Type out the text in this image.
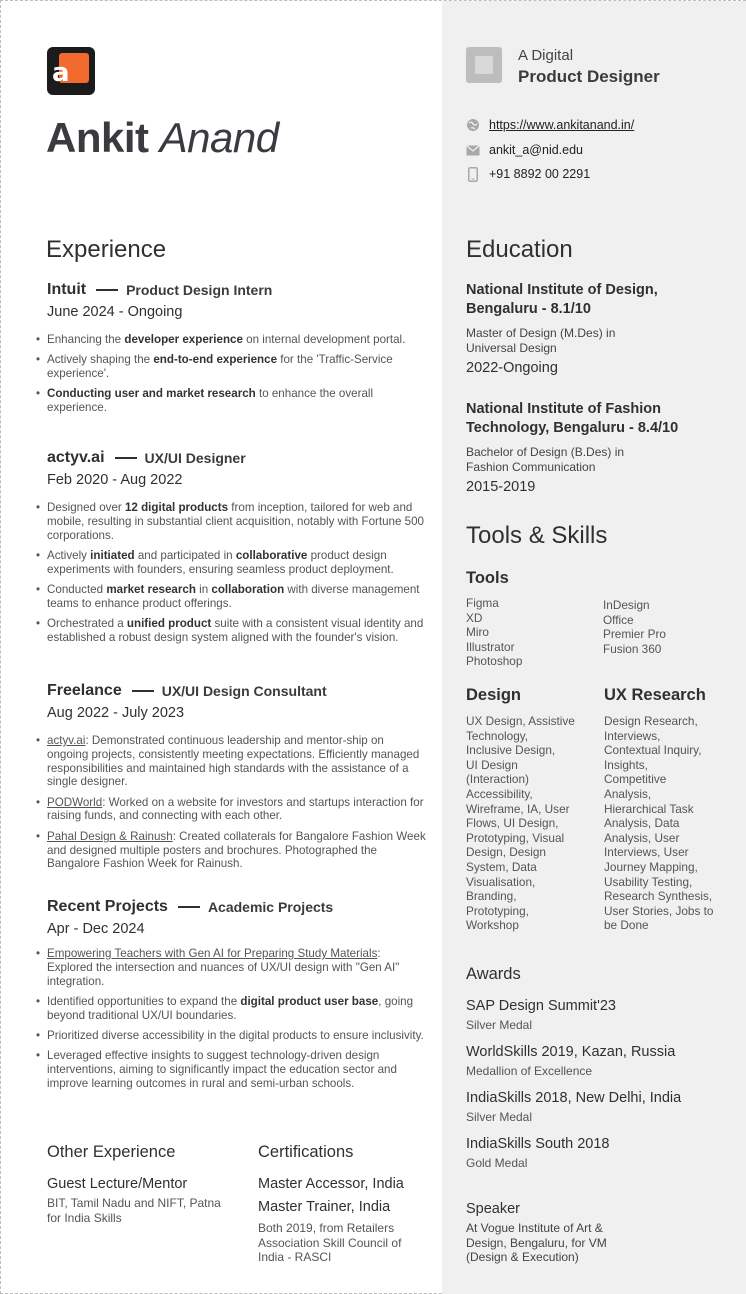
a
Ankit Anand
A Digital
Product Designer
https://www.ankitanand.in/
ankit_a@nid.edu
+91 8892 00 2291
Experience
Intuit	Product Design Intern
June 2024 - Ongoing
• Enhancing the developer experience on internal development portal.
• Actively shaping the end-to-end experience for the 'Traffic-Service experience'.
• Conducting user and market research to enhance the overall experience.
actyv.ai	UX/UI Designer
Feb 2020 - Aug 2022
• Designed over 12 digital products from inception, tailored for web and mobile, resulting in substantial client acquisition, notably with Fortune 500 corporations.
• Actively initiated and participated in collaborative product design experiments with founders, ensuring seamless product deployment.
• Conducted market research in collaboration with diverse management teams to enhance product offerings.
• Orchestrated a unified product suite with a consistent visual identity and established a robust design system aligned with the founder's vision.
Freelance	UX/UI Design Consultant
Aug 2022 - July 2023
• actyv.ai: Demonstrated continuous leadership and mentor-ship on ongoing projects, consistently meeting expectations. Efficiently managed responsibilities and maintained high standards with the assistance of a single designer.
• PODWorld: Worked on a website for investors and startups interaction for raising funds, and connecting with each other.
• Pahal Design & Rainush: Created collaterals for Bangalore Fashion Week and designed multiple posters and brochures. Photographed the Bangalore Fashion Week for Rainush.
Recent Projects	Academic Projects
Apr - Dec 2024
• Empowering Teachers with Gen AI for Preparing Study Materials: Explored the intersection and nuances of UX/UI design with "Gen AI" integration.
• Identified opportunities to expand the digital product user base, going beyond traditional UX/UI boundaries.
• Prioritized diverse accessibility in the digital products to ensure inclusivity.
• Leveraged effective insights to suggest technology-driven design interventions, aiming to significantly impact the education sector and improve learning outcomes in rural and semi-urban schools.
Other Experience
Guest Lecture/Mentor
BIT, Tamil Nadu and NIFT, Patna for India Skills
Certifications
Master Accessor, India
Master Trainer, India
Both 2019, from Retailers Association Skill Council of India - RASCI
Education
National Institute of Design, Bengaluru - 8.1/10
Master of Design (M.Des) in Universal Design
2022-Ongoing
National Institute of Fashion Technology, Bengaluru - 8.4/10
Bachelor of Design (B.Des) in Fashion Communication
2015-2019
Tools & Skills
Tools
Figma
XD
Miro
Illustrator
Photoshop
InDesign
Office
Premier Pro
Fusion 360
Design
UX Design, Assistive
Technology,
Inclusive Design,
UI Design
(Interaction)
Accessibility,
Wireframe, IA, User
Flows, UI Design,
Prototyping, Visual
Design, Design
System, Data
Visualisation,
Branding,
Prototyping,
Workshop
UX Research
Design Research,
Interviews,
Contextual Inquiry,
Insights,
Competitive
Analysis,
Hierarchical Task
Analysis, Data
Analysis, User
Interviews, User
Journey Mapping,
Usability Testing,
Research Synthesis,
User Stories, Jobs to
be Done
Awards
SAP Design Summit'23
Silver Medal
WorldSkills 2019, Kazan, Russia
Medallion of Excellence
IndiaSkills 2018, New Delhi, India
Silver Medal
IndiaSkills South 2018
Gold Medal
Speaker
At Vogue Institute of Art & Design, Bengaluru, for VM (Design & Execution)
